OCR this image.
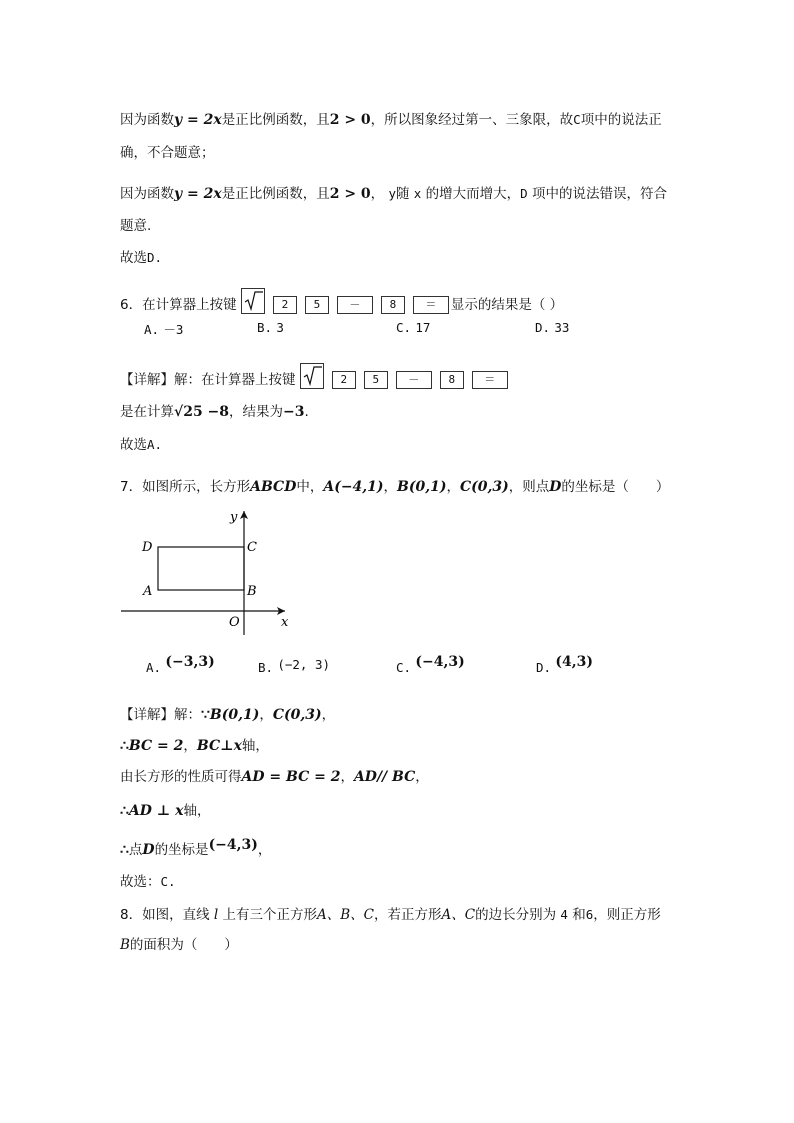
因为函数y = 2x是正比例函数，且2 > 0，所以图象经过第一、三象限，故C项中的说法正
确，不合题意；
因为函数y = 2x是正比例函数，且2 > 0， y随 x 的增大而增大，D 项中的说法错误，符合
题意.
故选D.
6．在计算器上按键	2 5	－	8	＝ 显示的结果是（ ）
A. －3	B. 3	C. 17	D. 33
【详解】解：在计算器上按键	2 5	－	8	＝
是在计算√25 −8，结果为−3.
故选A.
7．如图所示，长方形ABCD中，A(−4,1)，B(0,1)，C(0,3)，则点D的坐标是（　　）
y
x
O
A	B
C
D
A. (−3,3)	B. (−2, 3)	C. (−4,3)	D. (4,3)
【详解】解：∵B(0,1)，C(0,3)，
∴BC = 2，BC⊥x轴，
由长方形的性质可得AD = BC = 2，AD// BC，
∴AD ⊥ x轴，
∴点D的坐标是(−4,3)，
故选：C.
8．如图，直线 l 上有三个正方形A、B、C，若正方形A、C的边长分别为 4 和6，则正方形
B的面积为（　　）
